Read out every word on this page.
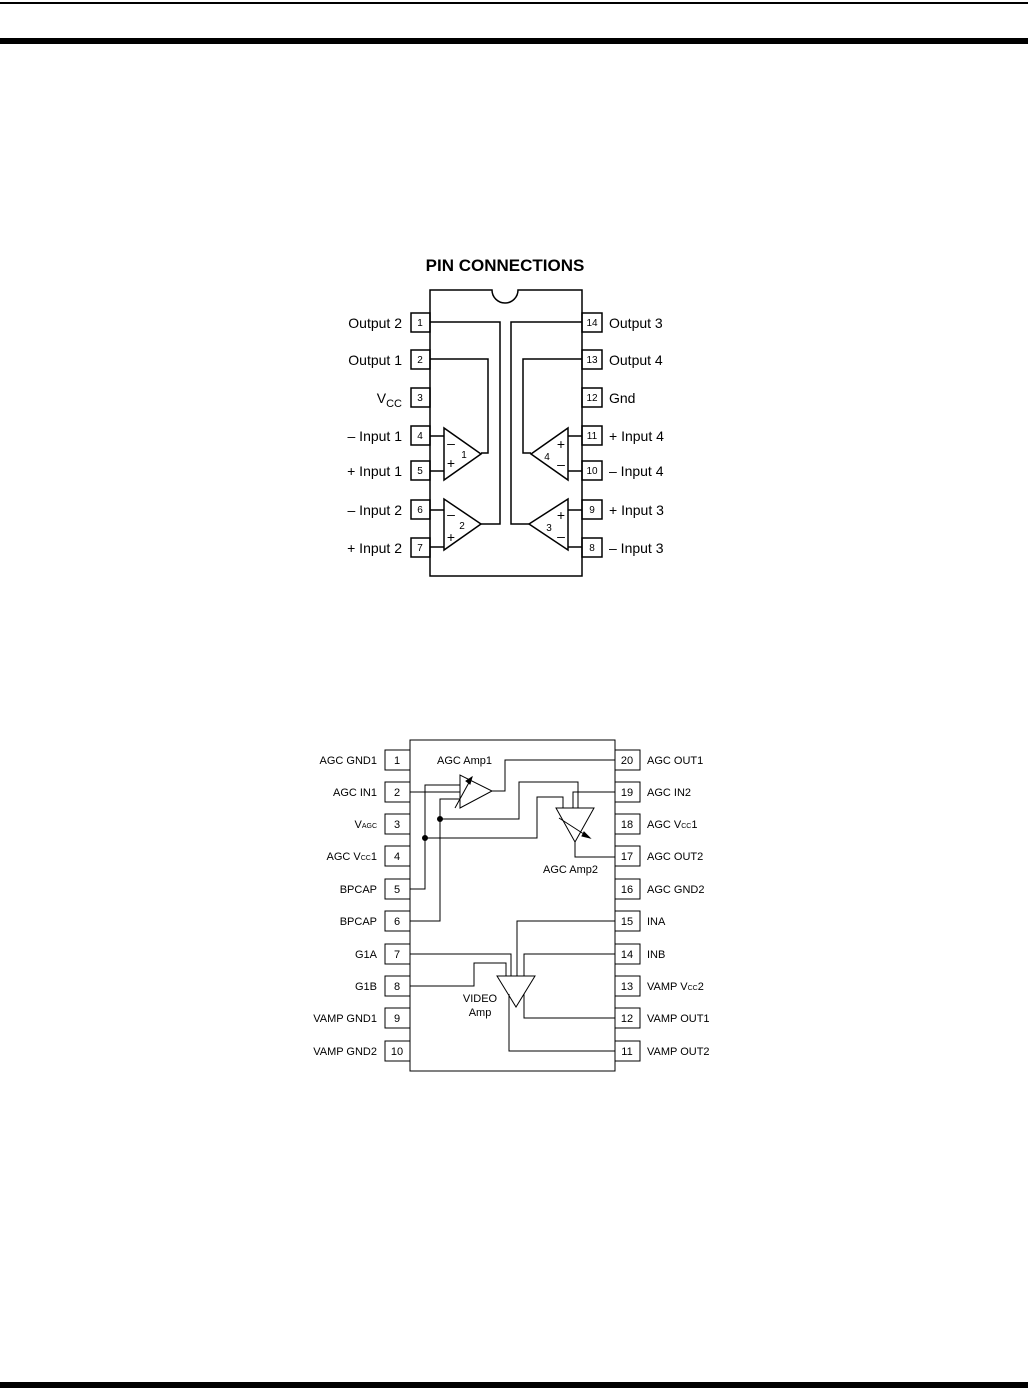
PIN CONNECTIONS
–
+
–
+
+
–
+
–
1
2	3
4
1
2
3
4
5
6
7
14
13
12
11
10
9
8
Output 2
Output 1
$V_{CC}$
– Input 1
+ Input 1
– Input 2
+ Input 2
Output 3
Output 4
Gnd
+ Input 4
– Input 4
+ Input 3
– Input 3
AGC Amp1
AGC Amp2
VIDEO
Amp
1
2
3
4
5
6
7
8
9
10
20
19
18
17
16
15
14
13
12
11
AGC GND1
AGC IN1
VAGC
AGC VCC1
BPCAP
BPCAP
G1A
G1B
VAMP GND1
VAMP GND2
AGC OUT1
AGC IN2
AGC VCC1
AGC OUT2
AGC GND2
INA
INB
VAMP VCC2
VAMP OUT1
VAMP OUT2
